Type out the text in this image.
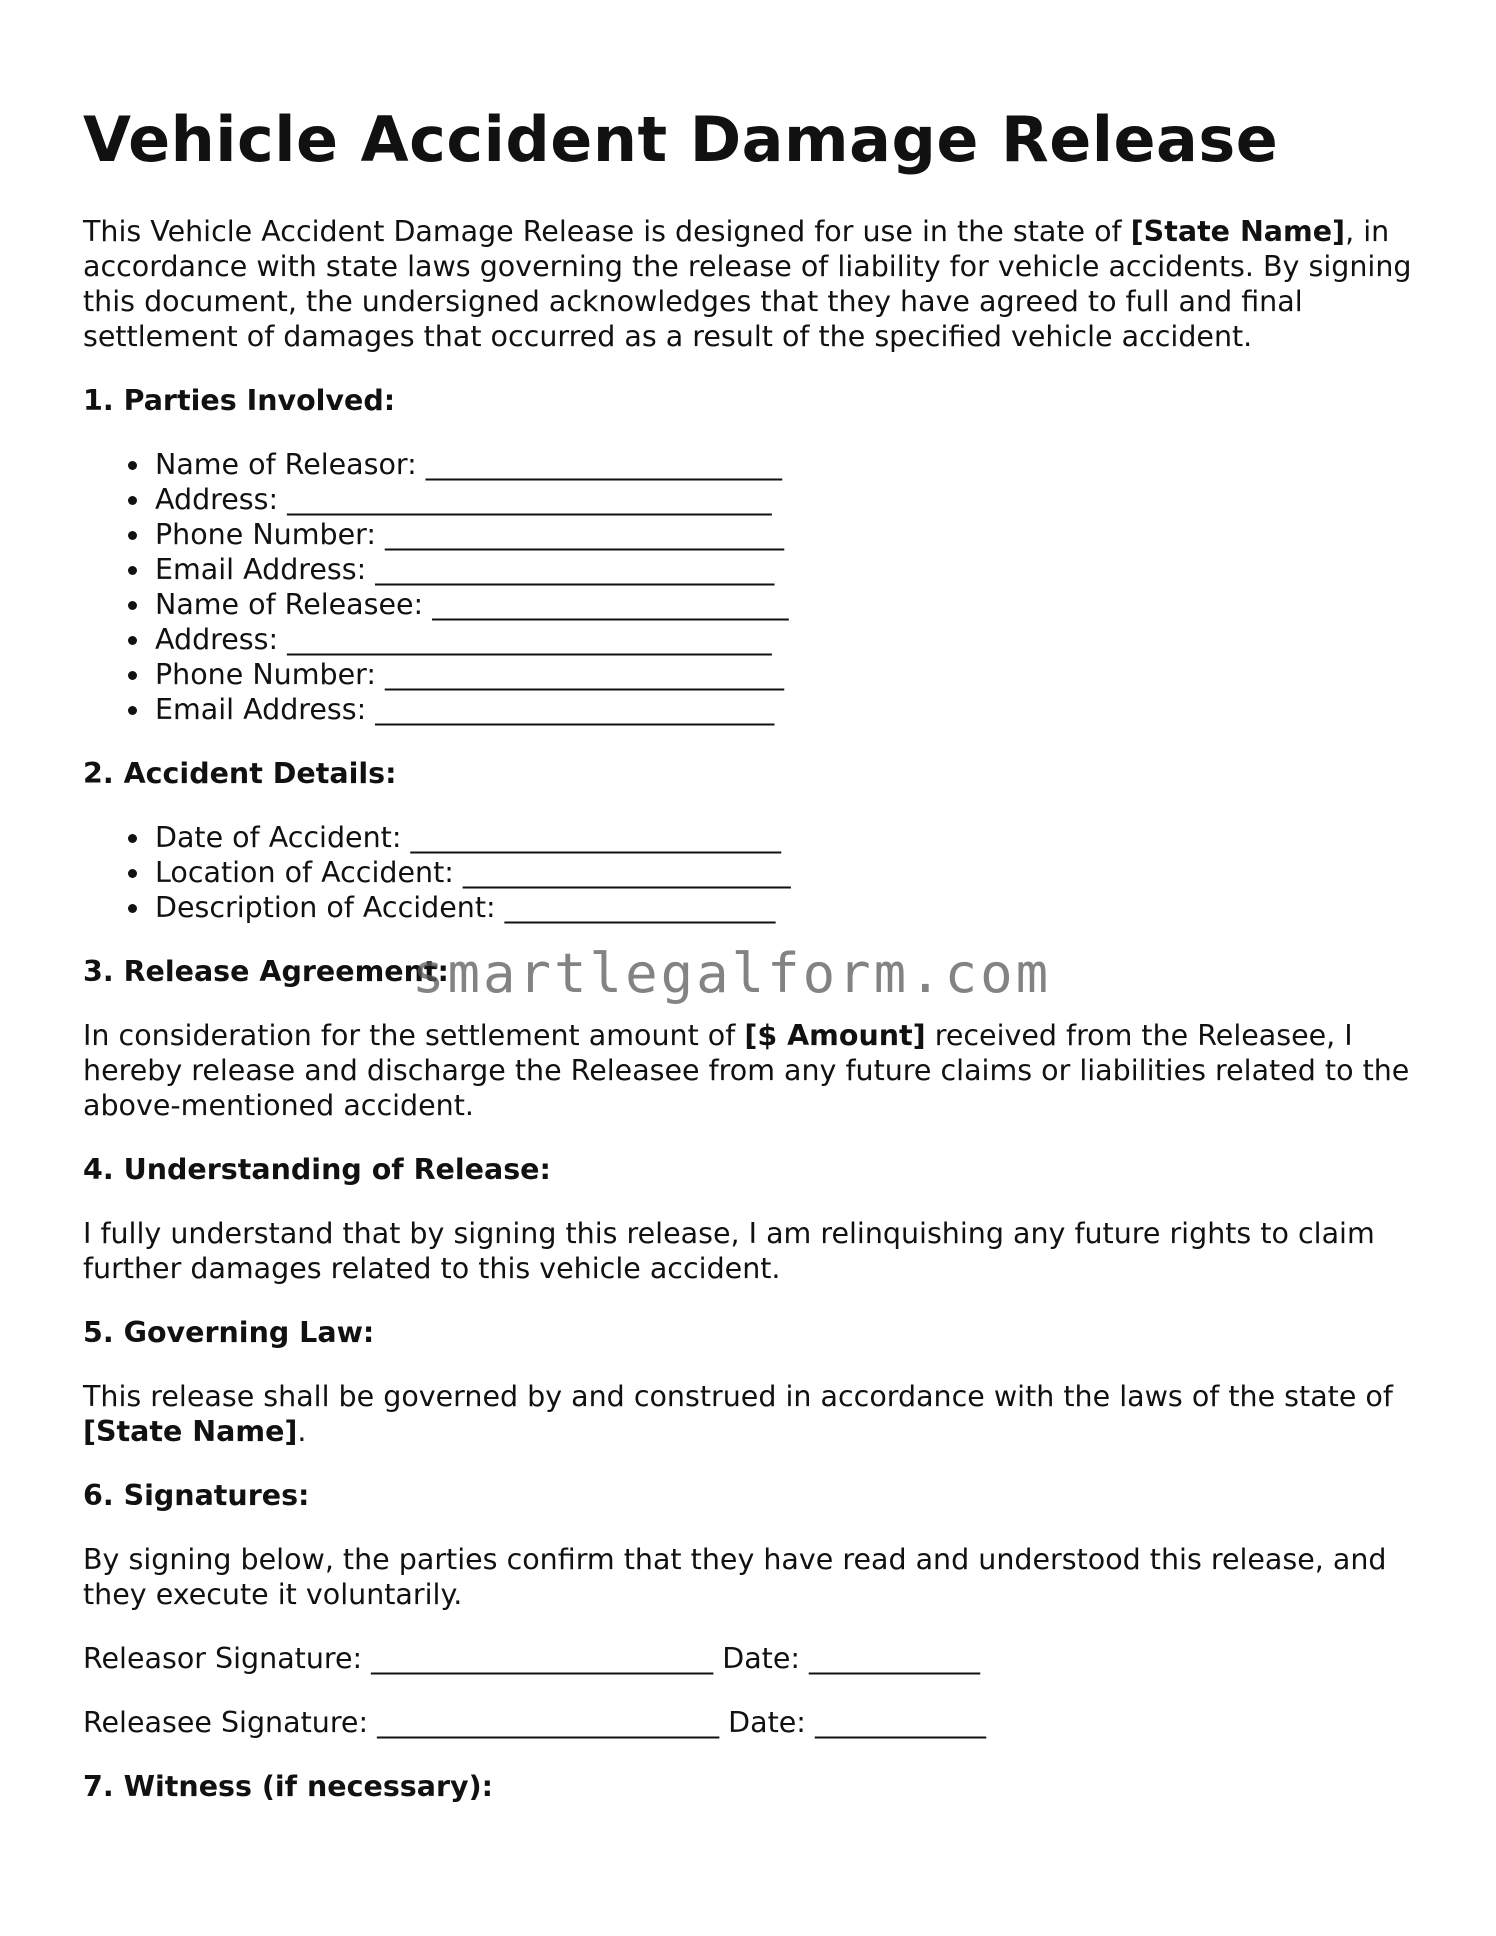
Vehicle Accident Damage Release

This Vehicle Accident Damage Release is designed for use in the state of [State Name], in accordance with state laws governing the release of liability for vehicle accidents. By signing this document, the undersigned acknowledges that they have agreed to full and final settlement of damages that occurred as a result of the specified vehicle accident.

1. Parties Involved:
Name of Releasor: _________________________
Address: __________________________________
Phone Number: ____________________________
Email Address: ____________________________
Name of Releasee: _________________________
Address: __________________________________
Phone Number: ____________________________
Email Address: ____________________________
2. Accident Details:
Date of Accident: __________________________
Location of Accident: _______________________
Description of Accident: ___________________
3. Release Agreement:

In consideration for the settlement amount of [$ Amount] received from the Releasee, I hereby release and discharge the Releasee from any future claims or liabilities related to the above-mentioned accident.

4. Understanding of Release:

I fully understand that by signing this release, I am relinquishing any future rights to claim further damages related to this vehicle accident.

5. Governing Law:

This release shall be governed by and construed in accordance with the laws of the state of [State Name].

6. Signatures:

By signing below, the parties confirm that they have read and understood this release, and they execute it voluntarily.

Releasor Signature: ________________________ Date: ____________
Releasee Signature: ________________________ Date: ____________
7. Witness (if necessary):
smartlegalform.com
